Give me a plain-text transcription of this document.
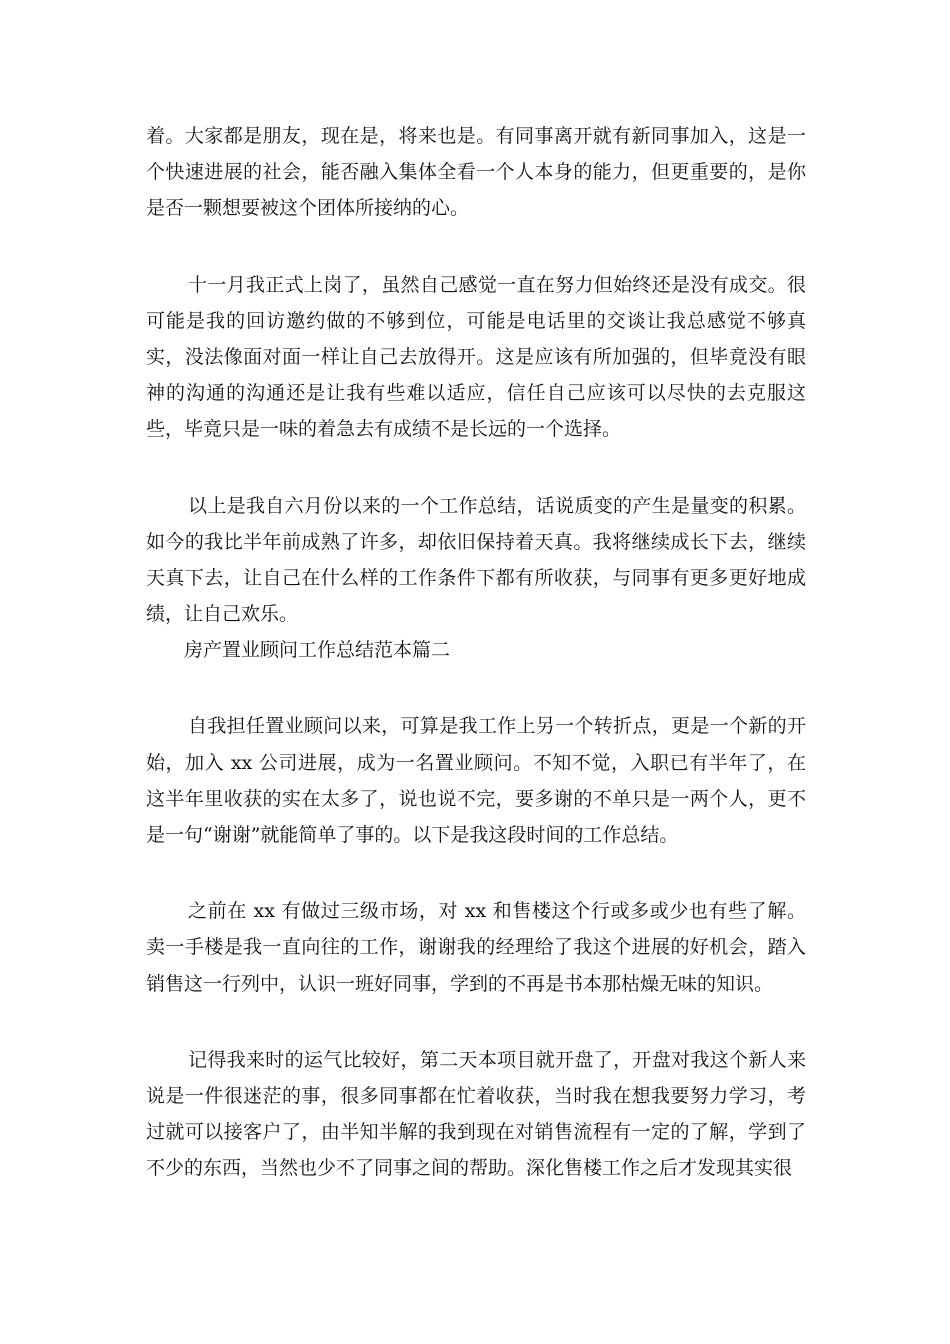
着。大家都是朋友，现在是，将来也是。有同事离开就有新同事加入，这是一个快速进展的社会，能否融入集体全看一个人本身的能力，但更重要的，是你是否一颗想要被这个团体所接纳的心。

十一月我正式上岗了，虽然自己感觉一直在努力但始终还是没有成交。很可能是我的回访邀约做的不够到位，可能是电话里的交谈让我总感觉不够真实，没法像面对面一样让自己去放得开。这是应该有所加强的，但毕竟没有眼神的沟通的沟通还是让我有些难以适应，信任自己应该可以尽快的去克服这些，毕竟只是一味的着急去有成绩不是长远的一个选择。

以上是我自六月份以来的一个工作总结，话说质变的产生是量变的积累。如今的我比半年前成熟了许多，却依旧保持着天真。我将继续成长下去，继续天真下去，让自己在什么样的工作条件下都有所收获，与同事有更多更好地成绩，让自己欢乐。

房产置业顾问工作总结范本篇二

自我担任置业顾问以来，可算是我工作上另一个转折点，更是一个新的开始，加入 xx 公司进展，成为一名置业顾问。不知不觉，入职已有半年了，在这半年里收获的实在太多了，说也说不完，要多谢的不单只是一两个人，更不是一句“谢谢”就能简单了事的。以下是我这段时间的工作总结。

之前在 xx 有做过三级市场，对 xx 和售楼这个行或多或少也有些了解。卖一手楼是我一直向往的工作，谢谢我的经理给了我这个进展的好机会，踏入销售这一行列中，认识一班好同事，学到的不再是书本那枯燥无味的知识。

记得我来时的运气比较好，第二天本项目就开盘了，开盘对我这个新人来说是一件很迷茫的事，很多同事都在忙着收获，当时我在想我要努力学习，考过就可以接客户了，由半知半解的我到现在对销售流程有一定的了解，学到了不少的东西，当然也少不了同事之间的帮助。深化售楼工作之后才发现其实很
